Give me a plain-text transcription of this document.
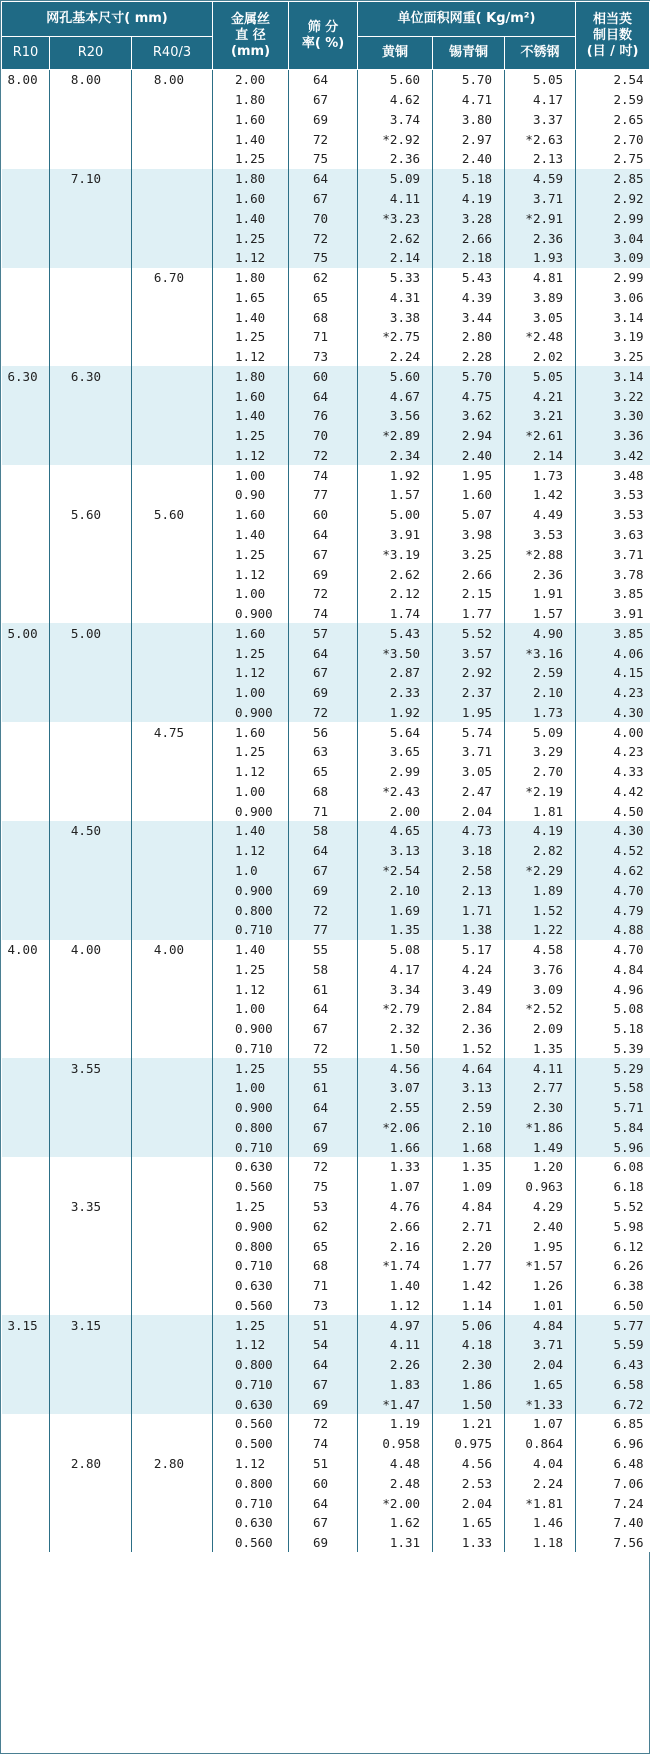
网孔基本尺寸( mm)			金属丝
直 径
(mm)	筛 分
率( %)	单位面积网重( Kg/m²)			相当英
制目数
(目 / 吋)
R10	R20	R40/3			黄铜	锡青铜	不锈钢	
8.00	8.00	8.00	2.00	64	5.60	5.70	5.05	2.54
			1.80	67	4.62	4.71	4.17	2.59
			1.60	69	3.74	3.80	3.37	2.65
			1.40	72	*2.92	2.97	*2.63	2.70
			1.25	75	2.36	2.40	2.13	2.75
	7.10		1.80	64	5.09	5.18	4.59	2.85
			1.60	67	4.11	4.19	3.71	2.92
			1.40	70	*3.23	3.28	*2.91	2.99
			1.25	72	2.62	2.66	2.36	3.04
			1.12	75	2.14	2.18	1.93	3.09
		6.70	1.80	62	5.33	5.43	4.81	2.99
			1.65	65	4.31	4.39	3.89	3.06
			1.40	68	3.38	3.44	3.05	3.14
			1.25	71	*2.75	2.80	*2.48	3.19
			1.12	73	2.24	2.28	2.02	3.25
6.30	6.30		1.80	60	5.60	5.70	5.05	3.14
			1.60	64	4.67	4.75	4.21	3.22
			1.40	76	3.56	3.62	3.21	3.30
			1.25	70	*2.89	2.94	*2.61	3.36
			1.12	72	2.34	2.40	2.14	3.42
			1.00	74	1.92	1.95	1.73	3.48
			0.90	77	1.57	1.60	1.42	3.53
	5.60	5.60	1.60	60	5.00	5.07	4.49	3.53
			1.40	64	3.91	3.98	3.53	3.63
			1.25	67	*3.19	3.25	*2.88	3.71
			1.12	69	2.62	2.66	2.36	3.78
			1.00	72	2.12	2.15	1.91	3.85
			0.900	74	1.74	1.77	1.57	3.91
5.00	5.00		1.60	57	5.43	5.52	4.90	3.85
			1.25	64	*3.50	3.57	*3.16	4.06
			1.12	67	2.87	2.92	2.59	4.15
			1.00	69	2.33	2.37	2.10	4.23
			0.900	72	1.92	1.95	1.73	4.30
		4.75	1.60	56	5.64	5.74	5.09	4.00
			1.25	63	3.65	3.71	3.29	4.23
			1.12	65	2.99	3.05	2.70	4.33
			1.00	68	*2.43	2.47	*2.19	4.42
			0.900	71	2.00	2.04	1.81	4.50
	4.50		1.40	58	4.65	4.73	4.19	4.30
			1.12	64	3.13	3.18	2.82	4.52
			1.0	67	*2.54	2.58	*2.29	4.62
			0.900	69	2.10	2.13	1.89	4.70
			0.800	72	1.69	1.71	1.52	4.79
			0.710	77	1.35	1.38	1.22	4.88
4.00	4.00	4.00	1.40	55	5.08	5.17	4.58	4.70
			1.25	58	4.17	4.24	3.76	4.84
			1.12	61	3.34	3.49	3.09	4.96
			1.00	64	*2.79	2.84	*2.52	5.08
			0.900	67	2.32	2.36	2.09	5.18
			0.710	72	1.50	1.52	1.35	5.39
	3.55		1.25	55	4.56	4.64	4.11	5.29
			1.00	61	3.07	3.13	2.77	5.58
			0.900	64	2.55	2.59	2.30	5.71
			0.800	67	*2.06	2.10	*1.86	5.84
			0.710	69	1.66	1.68	1.49	5.96
			0.630	72	1.33	1.35	1.20	6.08
			0.560	75	1.07	1.09	0.963	6.18
	3.35		1.25	53	4.76	4.84	4.29	5.52
			0.900	62	2.66	2.71	2.40	5.98
			0.800	65	2.16	2.20	1.95	6.12
			0.710	68	*1.74	1.77	*1.57	6.26
			0.630	71	1.40	1.42	1.26	6.38
			0.560	73	1.12	1.14	1.01	6.50
3.15	3.15		1.25	51	4.97	5.06	4.84	5.77
			1.12	54	4.11	4.18	3.71	5.59
			0.800	64	2.26	2.30	2.04	6.43
			0.710	67	1.83	1.86	1.65	6.58
			0.630	69	*1.47	1.50	*1.33	6.72
			0.560	72	1.19	1.21	1.07	6.85
			0.500	74	0.958	0.975	0.864	6.96
	2.80	2.80	1.12	51	4.48	4.56	4.04	6.48
			0.800	60	2.48	2.53	2.24	7.06
			0.710	64	*2.00	2.04	*1.81	7.24
			0.630	67	1.62	1.65	1.46	7.40
			0.560	69	1.31	1.33	1.18	7.56
